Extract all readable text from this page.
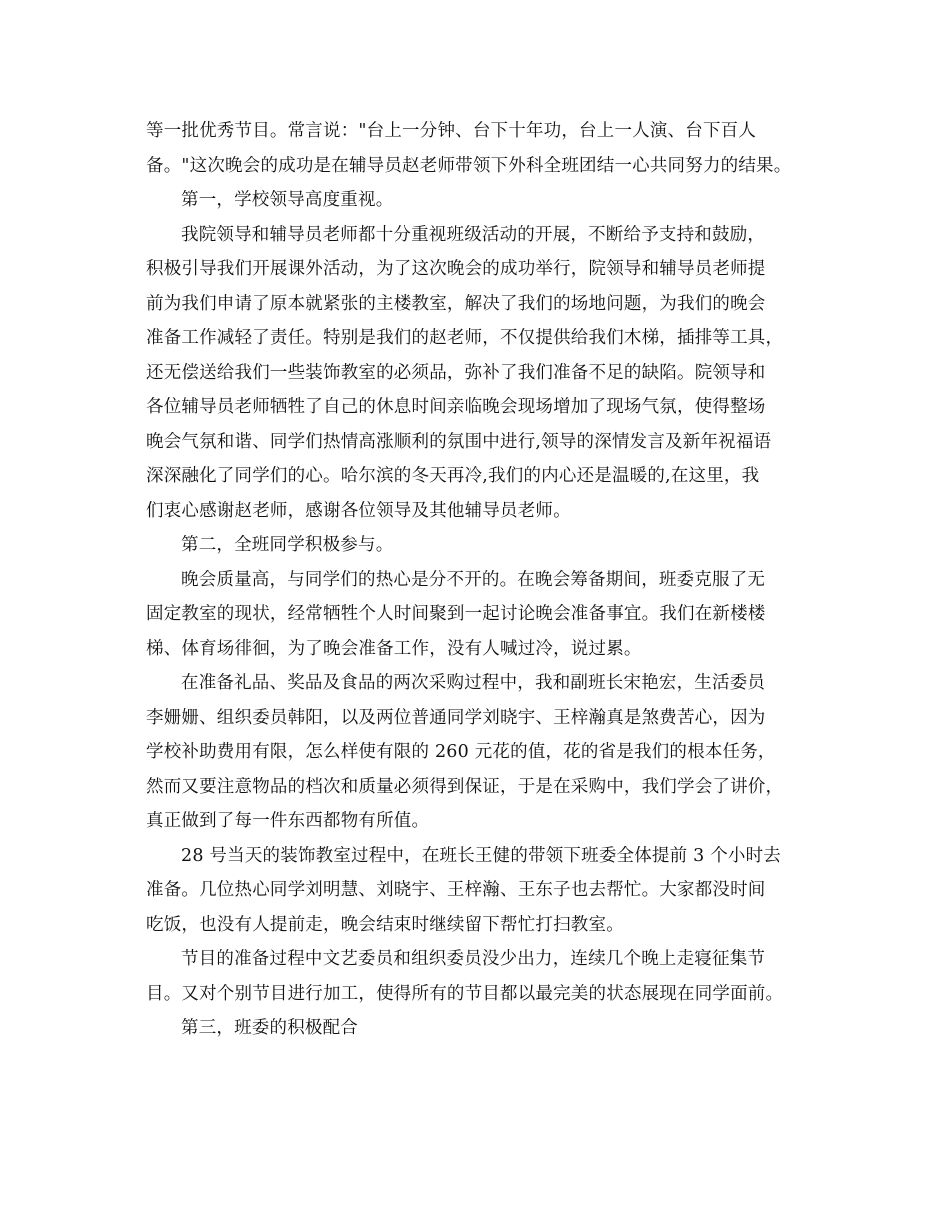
等一批优秀节目。常言说："台上一分钟、台下十年功，台上一人演、台下百人
备。"这次晚会的成功是在辅导员赵老师带领下外科全班团结一心共同努力的结果。
第一，学校领导高度重视。
我院领导和辅导员老师都十分重视班级活动的开展，不断给予支持和鼓励，
积极引导我们开展课外活动，为了这次晚会的成功举行，院领导和辅导员老师提
前为我们申请了原本就紧张的主楼教室，解决了我们的场地问题，为我们的晚会
准备工作减轻了责任。特别是我们的赵老师，不仅提供给我们木梯，插排等工具，
还无偿送给我们一些装饰教室的必须品，弥补了我们准备不足的缺陷。院领导和
各位辅导员老师牺牲了自己的休息时间亲临晚会现场增加了现场气氛，使得整场
晚会气氛和谐、同学们热情高涨顺利的氛围中进行,领导的深情发言及新年祝福语
深深融化了同学们的心。哈尔滨的冬天再冷,我们的内心还是温暖的,在这里，我
们衷心感谢赵老师，感谢各位领导及其他辅导员老师。
第二，全班同学积极参与。
晚会质量高，与同学们的热心是分不开的。在晚会筹备期间，班委克服了无
固定教室的现状，经常牺牲个人时间聚到一起讨论晚会准备事宜。我们在新楼楼
梯、体育场徘徊，为了晚会准备工作，没有人喊过冷，说过累。
在准备礼品、奖品及食品的两次采购过程中，我和副班长宋艳宏，生活委员
李姗姗、组织委员韩阳，以及两位普通同学刘晓宇、王梓瀚真是煞费苦心，因为
学校补助费用有限，怎么样使有限的 260 元花的值，花的省是我们的根本任务，
然而又要注意物品的档次和质量必须得到保证，于是在采购中，我们学会了讲价，
真正做到了每一件东西都物有所值。
28 号当天的装饰教室过程中，在班长王健的带领下班委全体提前 3 个小时去
准备。几位热心同学刘明慧、刘晓宇、王梓瀚、王东子也去帮忙。大家都没时间
吃饭，也没有人提前走，晚会结束时继续留下帮忙打扫教室。
节目的准备过程中文艺委员和组织委员没少出力，连续几个晚上走寝征集节
目。又对个别节目进行加工，使得所有的节目都以最完美的状态展现在同学面前。
第三，班委的积极配合
